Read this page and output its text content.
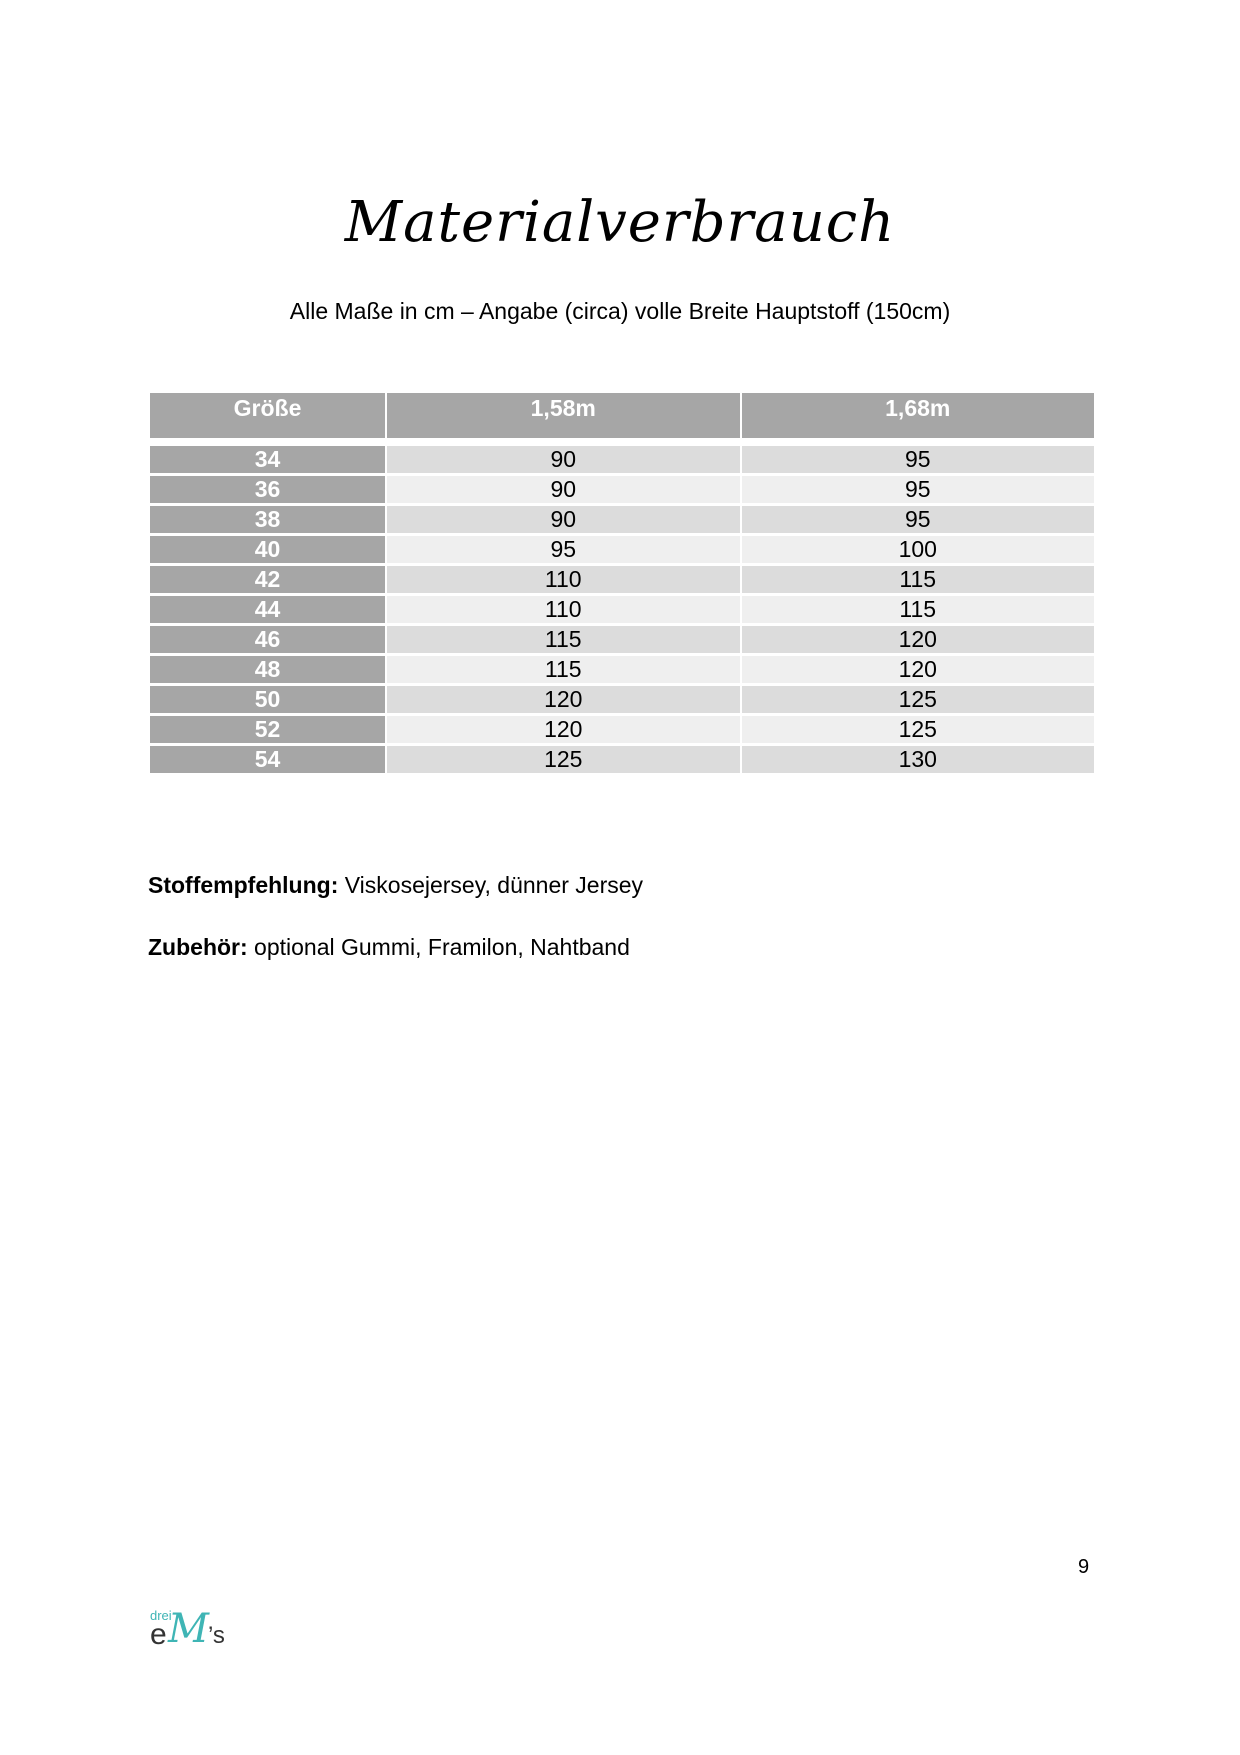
Materialverbrauch
Alle Maße in cm – Angabe (circa) volle Breite Hauptstoff (150cm)
Größe	1,58m	1,68m

34	90	95
36	90	95
38	90	95
40	95	100
42	110	115
44	110	115
46	115	120
48	115	120
50	120	125
52	120	125
54	125	130
Stoffempfehlung: Viskosejersey, dünner Jersey
Zubehör: optional Gummi, Framilon, Nahtband
9
drei
e M ’s
